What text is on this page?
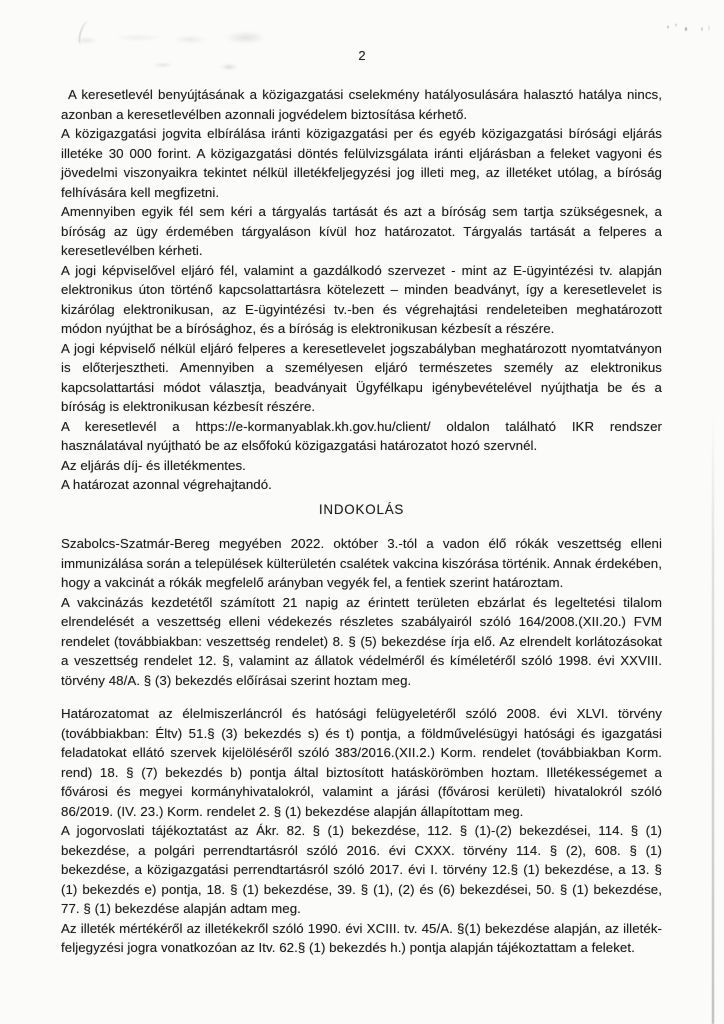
2

A keresetlevél benyújtásának a közigazgatási cselekmény hatályosulására halasztó hatálya nincs, azonban a keresetlevélben azonnali jogvédelem biztosítása kérhető.

A közigazgatási jogvita elbírálása iránti közigazgatási per és egyéb közigazgatási bírósági eljárás illetéke 30 000 forint. A közigazgatási döntés felülvizsgálata iránti eljárásban a feleket vagyoni és jövedelmi viszonyaikra tekintet nélkül illetékfeljegyzési jog illeti meg, az illetéket utólag, a bíróság felhívására kell megfizetni.

Amennyiben egyik fél sem kéri a tárgyalás tartását és azt a bíróság sem tartja szükségesnek, a bíróság az ügy érdemében tárgyaláson kívül hoz határozatot. Tárgyalás tartását a felperes a keresetlevélben kérheti.

A jogi képviselővel eljáró fél, valamint a gazdálkodó szervezet - mint az E-ügyintézési tv. alapján elektronikus úton történő kapcsolattartásra kötelezett – minden beadványt, így a keresetlevelet is kizárólag elektronikusan, az E-ügyintézési tv.-ben és végrehajtási rendeleteiben meghatározott módon nyújthat be a bírósághoz, és a bíróság is elektronikusan kézbesít a részére.

A jogi képviselő nélkül eljáró felperes a keresetlevelet jogszabályban meghatározott nyomtatványon is előterjesztheti. Amennyiben a személyesen eljáró természetes személy az elektronikus kapcsolattartási módot választja, beadványait Ügyfélkapu igénybevételével nyújthatja be és a bíróság is elektronikusan kézbesít részére.

A keresetlevél a https://e-kormanyablak.kh.gov.hu/client/ oldalon található IKR rendszer használatával nyújtható be az elsőfokú közigazgatási határozatot hozó szervnél.

Az eljárás díj- és illetékmentes.

A határozat azonnal végrehajtandó.

INDOKOLÁS

Szabolcs-Szatmár-Bereg megyében 2022. október 3.-tól a vadon élő rókák veszettség elleni immunizálása során a települések külterületén csalétek vakcina kiszórása történik. Annak érdekében, hogy a vakcinát a rókák megfelelő arányban vegyék fel, a fentiek szerint határoztam.

A vakcinázás kezdetétől számított 21 napig az érintett területen ebzárlat és legeltetési tilalom elrendelését a veszettség elleni védekezés részletes szabályairól szóló 164/2008.(XII.20.) FVM rendelet (továbbiakban: veszettség rendelet) 8. § (5) bekezdése írja elő. Az elrendelt korlátozásokat a veszettség rendelet 12. §, valamint az állatok védelméről és kíméletéről szóló 1998. évi XXVIII. törvény 48/A. § (3) bekezdés előírásai szerint hoztam meg.

Határozatomat az élelmiszerláncról és hatósági felügyeletéről szóló 2008. évi XLVI. törvény (továbbiakban: Éltv) 51.§ (3) bekezdés s) és t) pontja, a földművelésügyi hatósági és igazgatási feladatokat ellátó szervek kijelöléséről szóló 383/2016.(XII.2.) Korm. rendelet (továbbiakban Korm. rend) 18. § (7) bekezdés b) pontja által biztosított hatáskörömben hoztam. Illetékességemet a fővárosi és megyei kormányhivatalokról, valamint a járási (fővárosi kerületi) hivatalokról szóló 86/2019. (IV. 23.) Korm. rendelet 2. § (1) bekezdése alapján állapítottam meg.

A jogorvoslati tájékoztatást az Ákr. 82. § (1) bekezdése, 112. § (1)-(2) bekezdései, 114. § (1) bekezdése, a polgári perrendtartásról szóló 2016. évi CXXX. törvény 114. § (2), 608. § (1) bekezdése, a közigazgatási perrendtartásról szóló 2017. évi I. törvény 12.§ (1) bekezdése, a 13. § (1) bekezdés e) pontja, 18. § (1) bekezdése, 39. § (1), (2) és (6) bekezdései, 50. § (1) bekezdése, 77. § (1) bekezdése alapján adtam meg.

Az illeték mértékéről az illetékekről szóló 1990. évi XCIII. tv. 45/A. §(1) bekezdése alapján, az illeték-feljegyzési jogra vonatkozóan az Itv. 62.§ (1) bekezdés h.) pontja alapján tájékoztattam a feleket.
